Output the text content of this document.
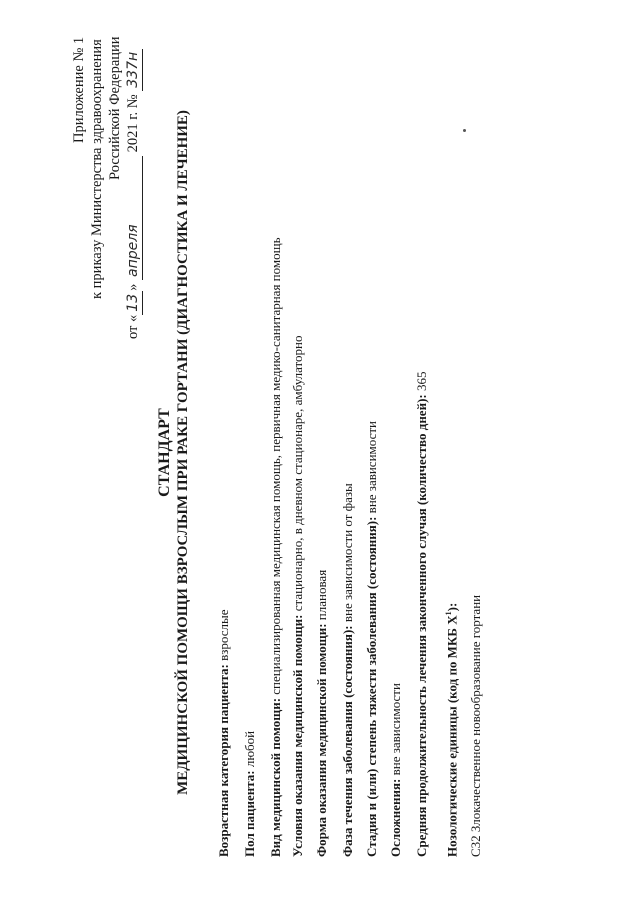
Приложение № 1 к приказу Министерства здравоохранения Российской Федерации
от «13» апреля 2021 г. № 337н
СТАНДАРТ МЕДИЦИНСКОЙ ПОМОЩИ ВЗРОСЛЫМ ПРИ РАКЕ ГОРТАНИ (ДИАГНОСТИКА И ЛЕЧЕНИЕ) Возрастная категория пациента: взрослые
Пол пациента: любой Вид медицинской помощи: специализированная медицинская помощь, первичная медико-санитарная помощь
Условия оказания медицинской помощи: стационарно, в дневном стационаре, амбулаторно
Форма оказания медицинской помощи: плановая
Фаза течения заболевания (состояния): вне зависимости от фазы Стадия и (или) степень тяжести заболевания (состояния): вне зависимости
Осложнения: вне зависимости Средняя продолжительность лечения законченного случая (количество дней): 365
Нозологические единицы (код по МКБ $Х^1$): C32 Злокачественное новообразование гортани
